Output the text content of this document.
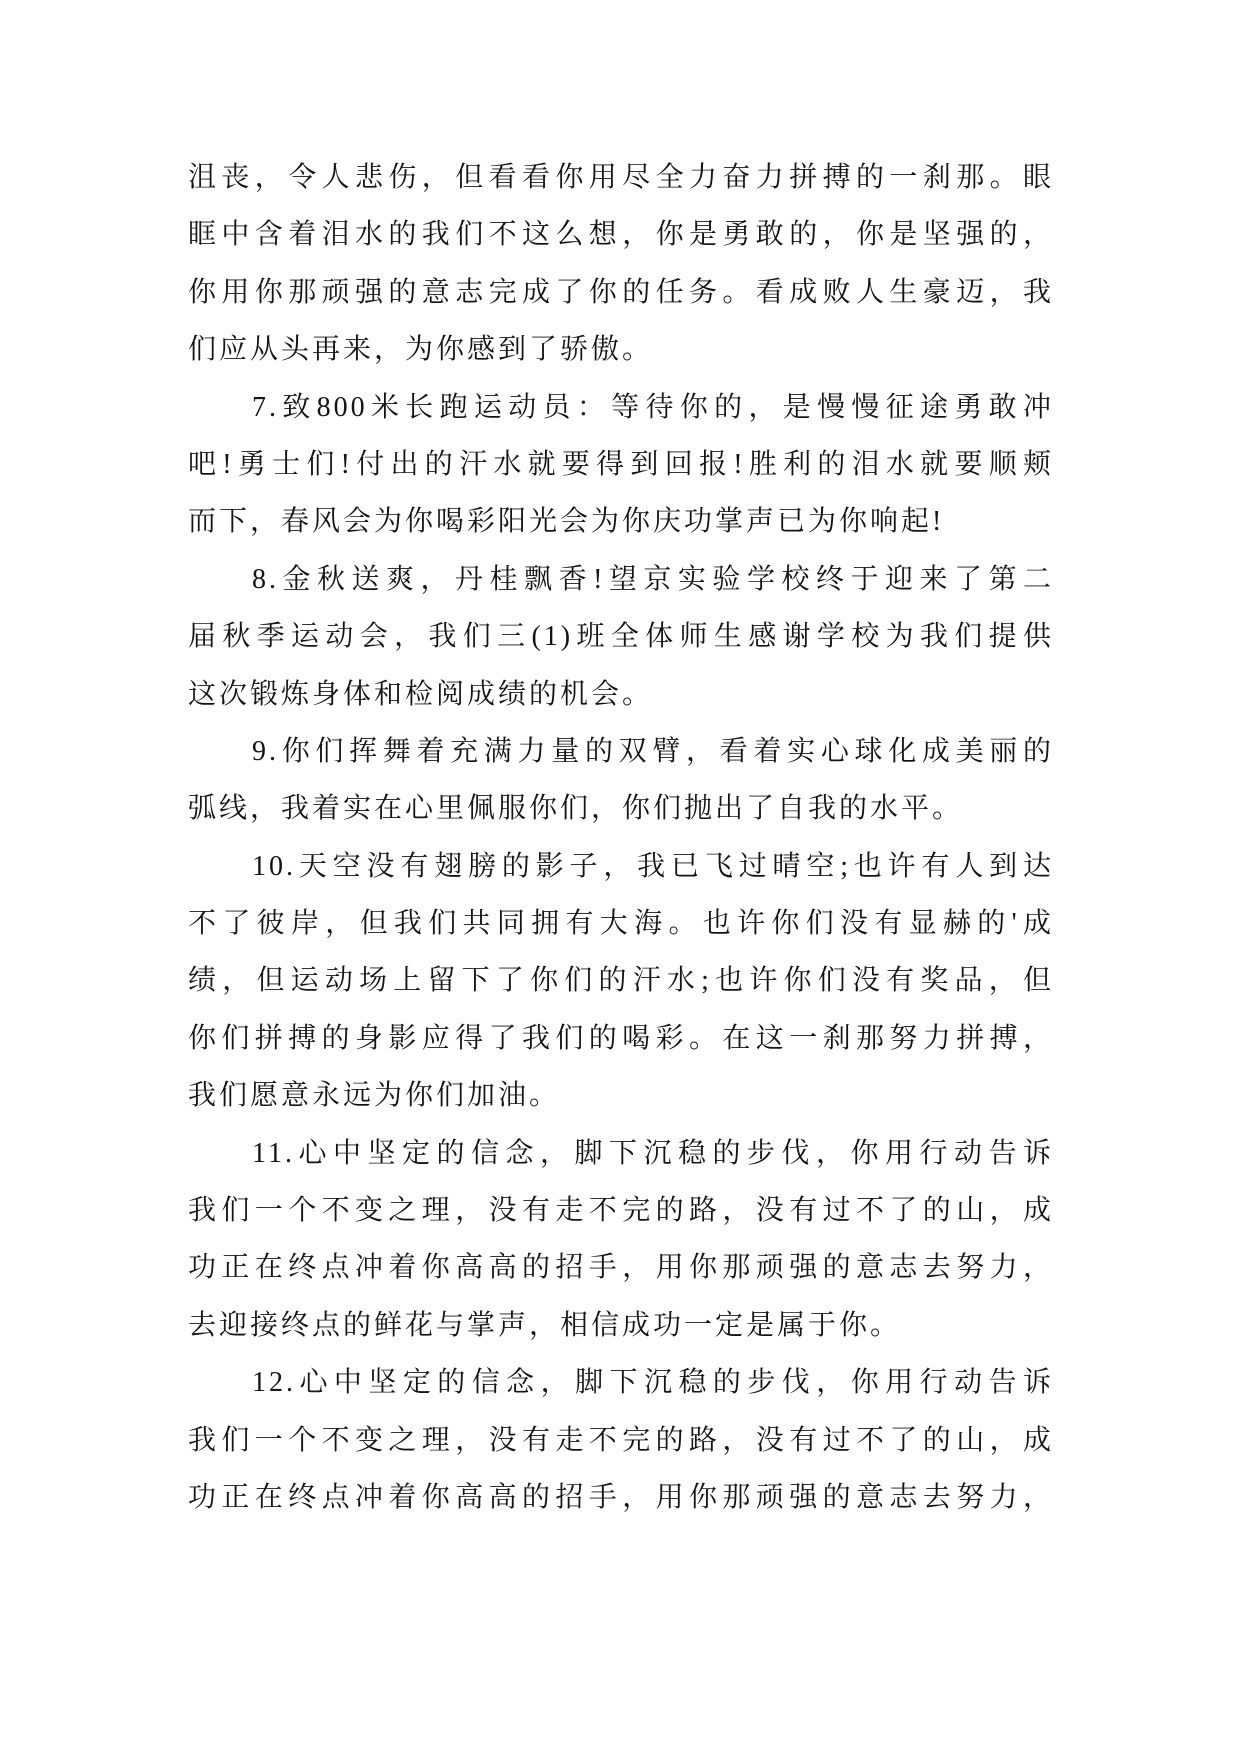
沮丧，令人悲伤，但看看你用尽全力奋力拼搏的一刹那。眼
眶中含着泪水的我们不这么想，你是勇敢的，你是坚强的，
你用你那顽强的意志完成了你的任务。看成败人生豪迈，我
们应从头再来，为你感到了骄傲。
7.致800米长跑运动员：等待你的，是慢慢征途勇敢冲
吧!勇士们!付出的汗水就要得到回报!胜利的泪水就要顺颊
而下，春风会为你喝彩阳光会为你庆功掌声已为你响起!
8.金秋送爽，丹桂飘香!望京实验学校终于迎来了第二
届秋季运动会，我们三(1)班全体师生感谢学校为我们提供
这次锻炼身体和检阅成绩的机会。
9.你们挥舞着充满力量的双臂，看着实心球化成美丽的
弧线，我着实在心里佩服你们，你们抛出了自我的水平。
10.天空没有翅膀的影子，我已飞过晴空;也许有人到达
不了彼岸，但我们共同拥有大海。也许你们没有显赫的'成
绩，但运动场上留下了你们的汗水;也许你们没有奖品，但
你们拼搏的身影应得了我们的喝彩。在这一刹那努力拼搏，
我们愿意永远为你们加油。
11.心中坚定的信念，脚下沉稳的步伐，你用行动告诉
我们一个不变之理，没有走不完的路，没有过不了的山，成
功正在终点冲着你高高的招手，用你那顽强的意志去努力，
去迎接终点的鲜花与掌声，相信成功一定是属于你。
12.心中坚定的信念，脚下沉稳的步伐，你用行动告诉
我们一个不变之理，没有走不完的路，没有过不了的山，成
功正在终点冲着你高高的招手，用你那顽强的意志去努力，
